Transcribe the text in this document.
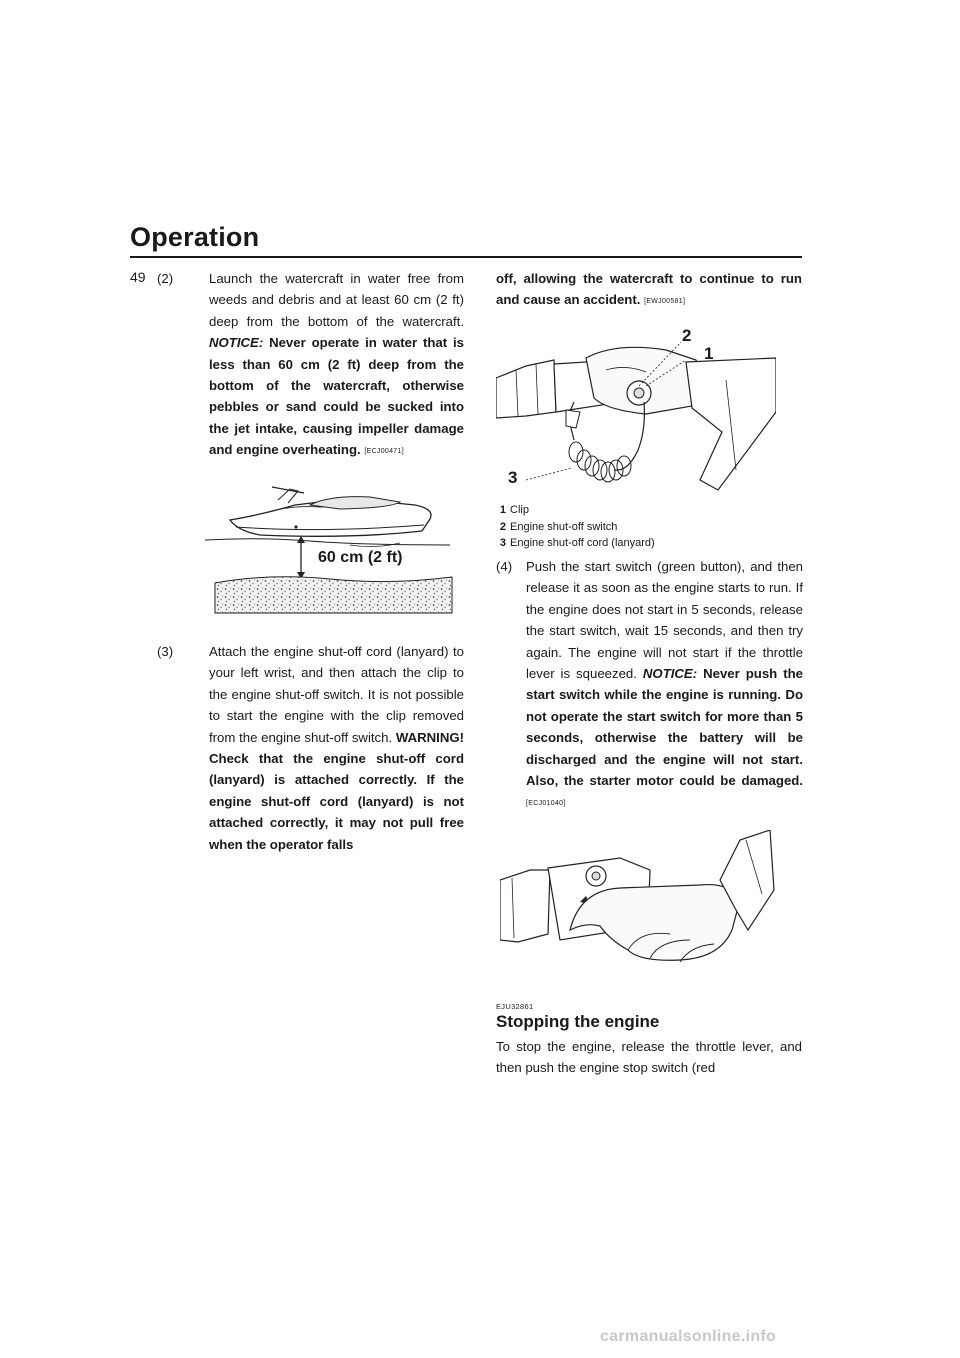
Operation
49 (2)	Launch the watercraft in water free from weeds and debris and at least 60 cm (2 ft) deep from the bottom of the watercraft. NOTICE: Never operate in water that is less than 60 cm (2 ft) deep from the bottom of the watercraft, otherwise pebbles or sand could be sucked into the jet intake, causing impeller damage and engine overheating. [ECJ00471]
60 cm (2 ft)
(3)	Attach the engine shut-off cord (lanyard) to your left wrist, and then attach the clip to the engine shut-off switch. It is not possible to start the engine with the clip removed from the engine shut-off switch. WARNING! Check that the engine shut-off cord (lanyard) is attached correctly. If the engine shut-off cord (lanyard) is not attached correctly, it may not pull free when the operator falls
off, allowing the watercraft to continue to run and cause an accident. [EWJ00581]
2
1
3
1 Clip
2 Engine shut-off switch
3 Engine shut-off cord (lanyard)
(4) Push the start switch (green button), and then release it as soon as the engine starts to run. If the engine does not start in 5 seconds, release the start switch, wait 15 seconds, and then try again. The engine will not start if the throttle lever is squeezed. NOTICE: Never push the start switch while the engine is running. Do not operate the start switch for more than 5 seconds, otherwise the battery will be discharged and the engine will not start. Also, the starter motor could be damaged. [ECJ01040]
EJU32861
Stopping the engine
To stop the engine, release the throttle lever, and then push the engine stop switch (red
carmanualsonline.info
